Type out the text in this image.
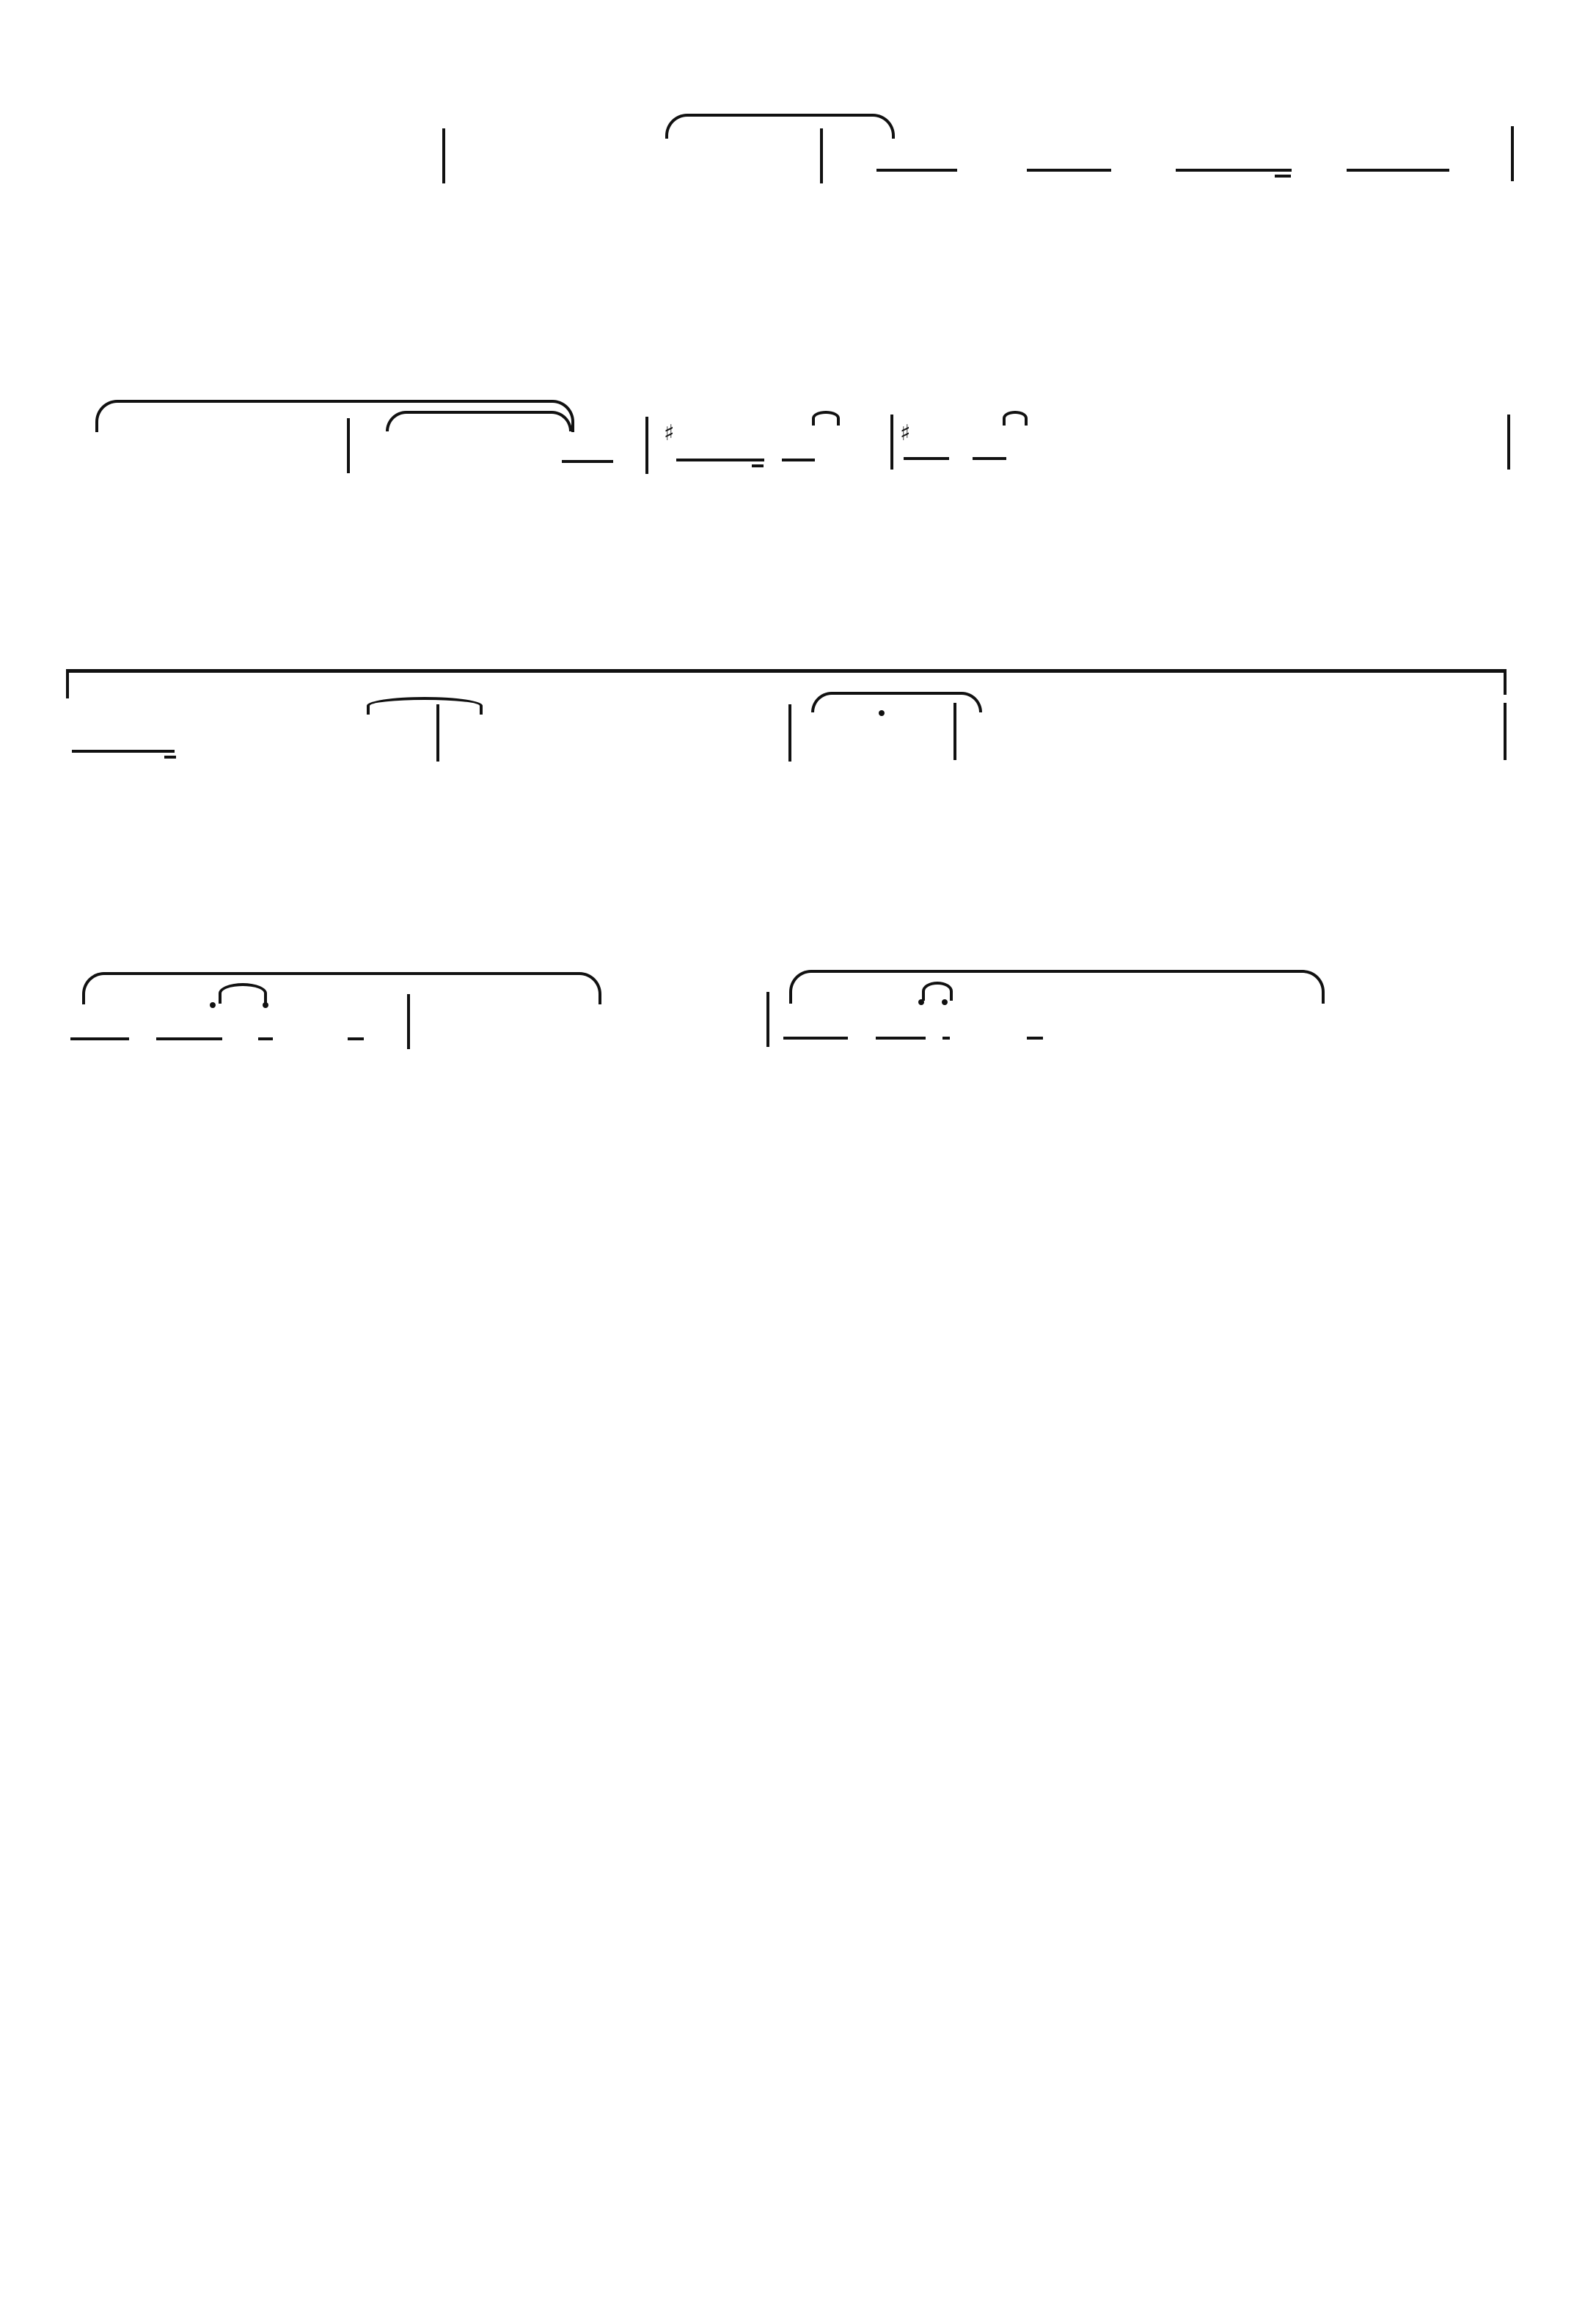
♯	♯
